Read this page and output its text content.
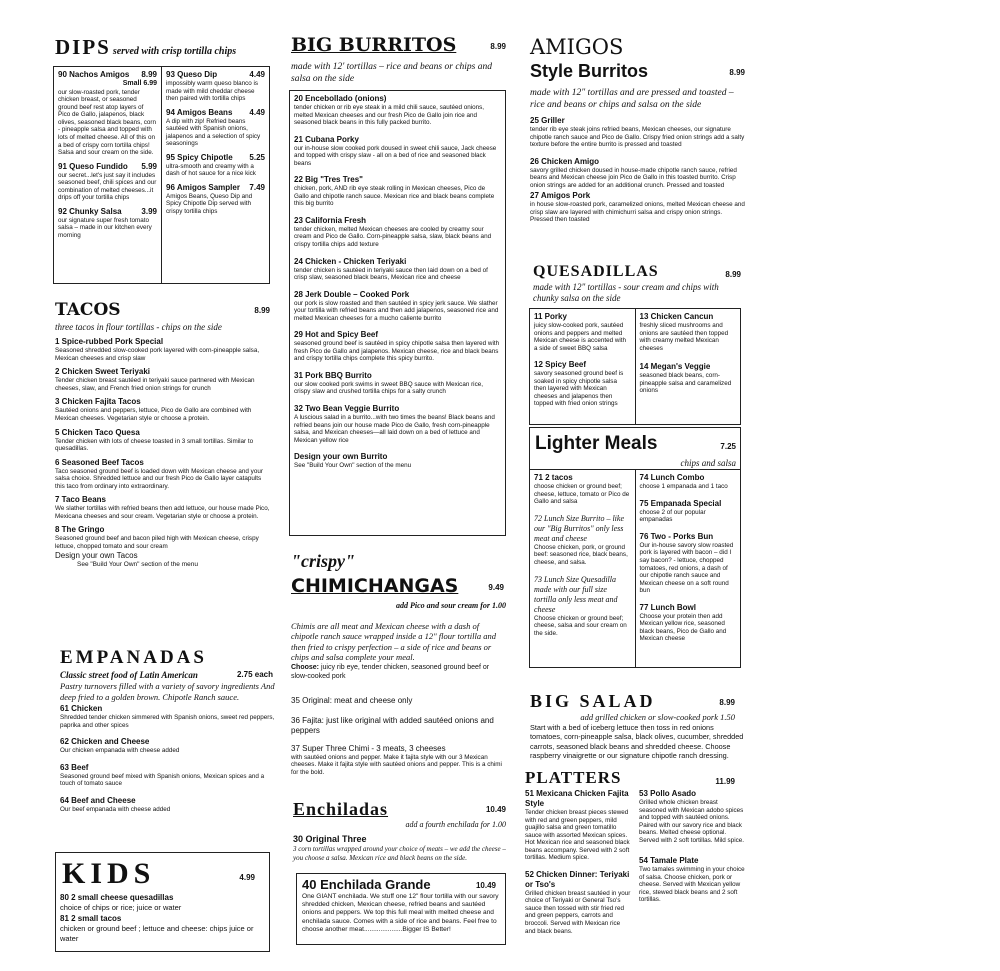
DIPS served with crisp tortilla chips
90 Nachos Amigos 8.99
Small 6.99
our slow-roasted pork, tender chicken breast, or seasoned ground beef rest atop layers of Pico de Gallo, jalapenos, black olives, seasoned black beans, corn - pineapple salsa and topped with lots of melted cheese. All of this on a bed of crispy corn tortilla chips! Salsa and sour cream on the side.
91 Queso Fundido 5.99
our secret...let's just say it includes seasoned beef, chili spices and our combination of melted cheeses...it drips off your tortilla chips
92 Chunky Salsa 3.99
our signature super fresh tomato salsa – made in our kitchen every morning
93 Queso Dip	4.49
impossibly warm queso blanco is made with mild cheddar cheese then paired with tortilla chips
94 Amigos Beans 4.49
A dip with zip! Refried beans sautéed with Spanish onions, jalapenos and a selection of spicy seasonings
95 Spicy Chipotle 5.25
ultra-smooth and creamy with a dash of hot sauce for a nice kick
96 Amigos Sampler 7.49
Amigos Beans, Queso Dip and Spicy Chipotle Dip served with crispy tortilla chips
TACOS	8.99
three tacos in flour tortillas - chips on the side
1 Spice-rubbed Pork Special
Seasoned shredded slow-cooked pork layered with corn-pineapple salsa, Mexican cheeses and crisp slaw
2 Chicken Sweet Teriyaki
Tender chicken breast sautéed in teriyaki sauce partnered with Mexican cheeses, slaw, and French fried onion strings for crunch
3 Chicken Fajita Tacos
Sautéed onions and peppers, lettuce, Pico de Gallo are combined with Mexican cheeses. Vegetarian style or choose a protein.
5 Chicken Taco Quesa
Tender chicken with lots of cheese toasted in 3 small tortillas. Similar to quesadillas.
6 Seasoned Beef Tacos
Taco seasoned ground beef is loaded down with Mexican cheese and your salsa choice. Shredded lettuce and our fresh Pico de Gallo layer catapults this taco from ordinary into extraordinary.
7 Taco Beans
We slather tortillas with refried beans then add lettuce, our house made Pico, Mexicana cheeses and sour cream. Vegetarian style or choose a protein.
8 The Gringo
Seasoned ground beef and bacon piled high with Mexican cheese, crispy lettuce, chopped tomato and sour cream
Design your own Tacos
See "Build Your Own" section of the menu
EMPANADAS
Classic street food of Latin American	2.75 each
Pastry turnovers filled with a variety of savory ingredients And deep fried to a golden brown. Chipotle Ranch sauce.
61 Chicken
Shredded tender chicken simmered with Spanish onions, sweet red peppers, paprika and other spices
62 Chicken and Cheese
Our chicken empanada with cheese added
63 Beef
Seasoned ground beef mixed with Spanish onions, Mexican spices and a touch of tomato sauce
64 Beef and Cheese
Our beef empanada with cheese added
KIDS	4.99
80 2 small cheese quesadillas
choice of chips or rice; juice or water
81 2 small tacos
chicken or ground beef ; lettuce and cheese: chips juice or water
BIG BURRITOS	8.99
made with 12' tortillas – rice and beans or chips and salsa on the side
20 Encebollado (onions)
tender chicken or rib eye steak in a mild chili sauce, sautéed onions, melted Mexican cheeses and our fresh Pico de Gallo join rice and seasoned black beans in this fully packed burrito.
21 Cubana Porky
our in-house slow cooked pork doused in sweet chili sauce, Jack cheese and topped with crispy slaw - all on a bed of rice and seasoned black beans
22 Big "Tres Tres"
chicken, pork, AND rib eye steak rolling in Mexican cheeses, Pico de Gallo and chipotle ranch sauce. Mexican rice and black beans complete this big burrito
23 California Fresh
tender chicken, melted Mexican cheeses are cooled by creamy sour cream and Pico de Gallo. Corn-pineapple salsa, slaw, black beans and crispy tortilla chips add texture
24 Chicken - Chicken Teriyaki
tender chicken is sautéed in teriyaki sauce then laid down on a bed of crisp slaw, seasoned black beans, Mexican rice and cheese
28 Jerk Double – Cooked Pork
our pork is slow roasted and then sautéed in spicy jerk sauce. We slather your tortilla with refried beans and then add jalapenos, seasoned rice and melted Mexican cheeses for a mucho caliente burrito
29 Hot and Spicy Beef
seasoned ground beef is sautéed in spicy chipotle salsa then layered with fresh Pico de Gallo and jalapenos. Mexican cheese, rice and black beans and crispy tortilla chips complete this spicy burrito.
31 Pork BBQ Burrito
our slow cooked pork swims in sweet BBQ sauce with Mexican rice, crispy slaw and crushed tortilla chips for a salty crunch
32 Two Bean Veggie Burrito
A luscious salad in a burrito...with two times the beans! Black beans and refried beans join our house made Pico de Gallo, fresh corn-pineapple salsa, and Mexican cheeses—all laid down on a bed of lettuce and Mexican yellow rice
Design your own Burrito
See "Build Your Own" section of the menu
"crispy"
CHIMICHANGAS	9.49
add Pico and sour cream for 1.00
Chimis are all meat and Mexican cheese with a dash of chipotle ranch sauce wrapped inside a 12" flour tortilla and then fried to crispy perfection – a side of rice and beans or chips and salsa complete your meal.
Choose: juicy rib eye, tender chicken, seasoned ground beef or slow-cooked pork
35 Original: meat and cheese only
36 Fajita: just like original with added sautéed onions and peppers
37 Super Three Chimi - 3 meats, 3 cheeses
with sautéed onions and pepper. Make it fajita style with our 3 Mexican cheeses. Make it fajita style with sautéed onions and pepper. This is a chimi for the bold.
Enchiladas	10.49
add a fourth enchilada for 1.00
30 Original Three
3 corn tortillas wrapped around your choice of meats – we add the cheese – you choose a salsa. Mexican rice and black beans on the side.
40 Enchilada Grande	10.49
One GIANT enchilada. We stuff one 12" flour tortilla with our savory shredded chicken, Mexican cheese, refried beans and sautéed onions and peppers. We top this full meal with melted cheese and enchilada sauce. Comes with a side of rice and beans. Feel free to choose another meat.....................Bigger IS Better!
AMIGOS
Style Burritos	8.99
made with 12" tortillas and are pressed and toasted – rice and beans or chips and salsa on the side
25 Griller
tender rib eye steak joins refried beans, Mexican cheeses, our signature chipotle ranch sauce and Pico de Gallo. Crispy fried onion strings add a salty texture before the entire burrito is pressed and toasted
26 Chicken Amigo
savory grilled chicken doused in house-made chipotle ranch sauce, refried beans and Mexican cheese join Pico de Gallo in this toasted burrito. Crisp onion strings are added for an additional crunch. Pressed and toasted
27 Amigos Pork
in house slow-roasted pork, caramelized onions, melted Mexican cheese and crisp slaw are layered with chimichurri salsa and crispy onion strings. Pressed then toasted
QUESADILLAS	8.99
made with 12" tortillas - sour cream and chips with chunky salsa on the side
11 Porky
juicy slow-cooked pork, sautéed onions and peppers and melted Mexican cheese is accented with a side of sweet BBQ salsa
12 Spicy Beef
savory seasoned ground beef is soaked in spicy chipotle salsa then layered with Mexican cheeses and jalapenos then topped with fried onion strings
13 Chicken Cancun
freshly sliced mushrooms and onions are sautéed then topped with creamy melted Mexican cheeses
14 Megan's Veggie
seasoned black beans, corn-pineapple salsa and caramelized onions
Lighter Meals	7.25
chips and salsa
71 2 tacos
choose chicken or ground beef; cheese, lettuce, tomato or Pico de Gallo and salsa
72 Lunch Size Burrito – like our "Big Burritos" only less meat and cheese
Choose chicken, pork, or ground beef: seasoned rice, black beans, cheese, and salsa.
73 Lunch Size Quesadilla made with our full size tortilla only less meat and cheese
Choose chicken or ground beef; cheese, salsa and sour cream on the side.
74 Lunch Combo
choose 1 empanada and 1 taco
75 Empanada Special
choose 2 of our popular empanadas
76 Two - Porks Bun
Our in-house savory slow roasted pork is layered with bacon – did I say bacon? - lettuce, chopped tomatoes, red onions, a dash of our chipotle ranch sauce and Mexican cheese on a soft round bun
77 Lunch Bowl
Choose your protein then add Mexican yellow rice, seasoned black beans, Pico de Gallo and Mexican cheese
BIG SALAD	8.99
add grilled chicken or slow-cooked pork 1.50
Start with a bed of iceberg lettuce then toss in red onions tomatoes, corn-pineapple salsa, black olives, cucumber, shredded carrots, seasoned black beans and shredded cheese. Choose raspberry vinaigrette or our signature chipotle ranch dressing.
PLATTERS	11.99
51 Mexicana Chicken Fajita Style
Tender chicken breast pieces stewed with red and green peppers, mild guajillo salsa and green tomatillo sauce with assorted Mexican spices. Hot Mexican rice and seasoned black beans accompany. Served with 2 soft tortillas. Medium spice.
52 Chicken Dinner: Teriyaki or Tso's
Grilled chicken breast sautéed in your choice of Teriyaki or General Tso's sauce then tossed with stir fried red and green peppers, carrots and broccoli. Served with Mexican rice and black beans.
53 Pollo Asado
Grilled whole chicken breast seasoned with Mexican adobo spices and topped with sautéed onions. Paired with our savory rice and black beans. Melted cheese optional. Served with 2 soft tortillas. Mild spice.
54 Tamale Plate
Two tamales swimming in your choice of salsa. Choose chicken, pork or cheese. Served with Mexican yellow rice, stewed black beans and 2 soft tortillas.
